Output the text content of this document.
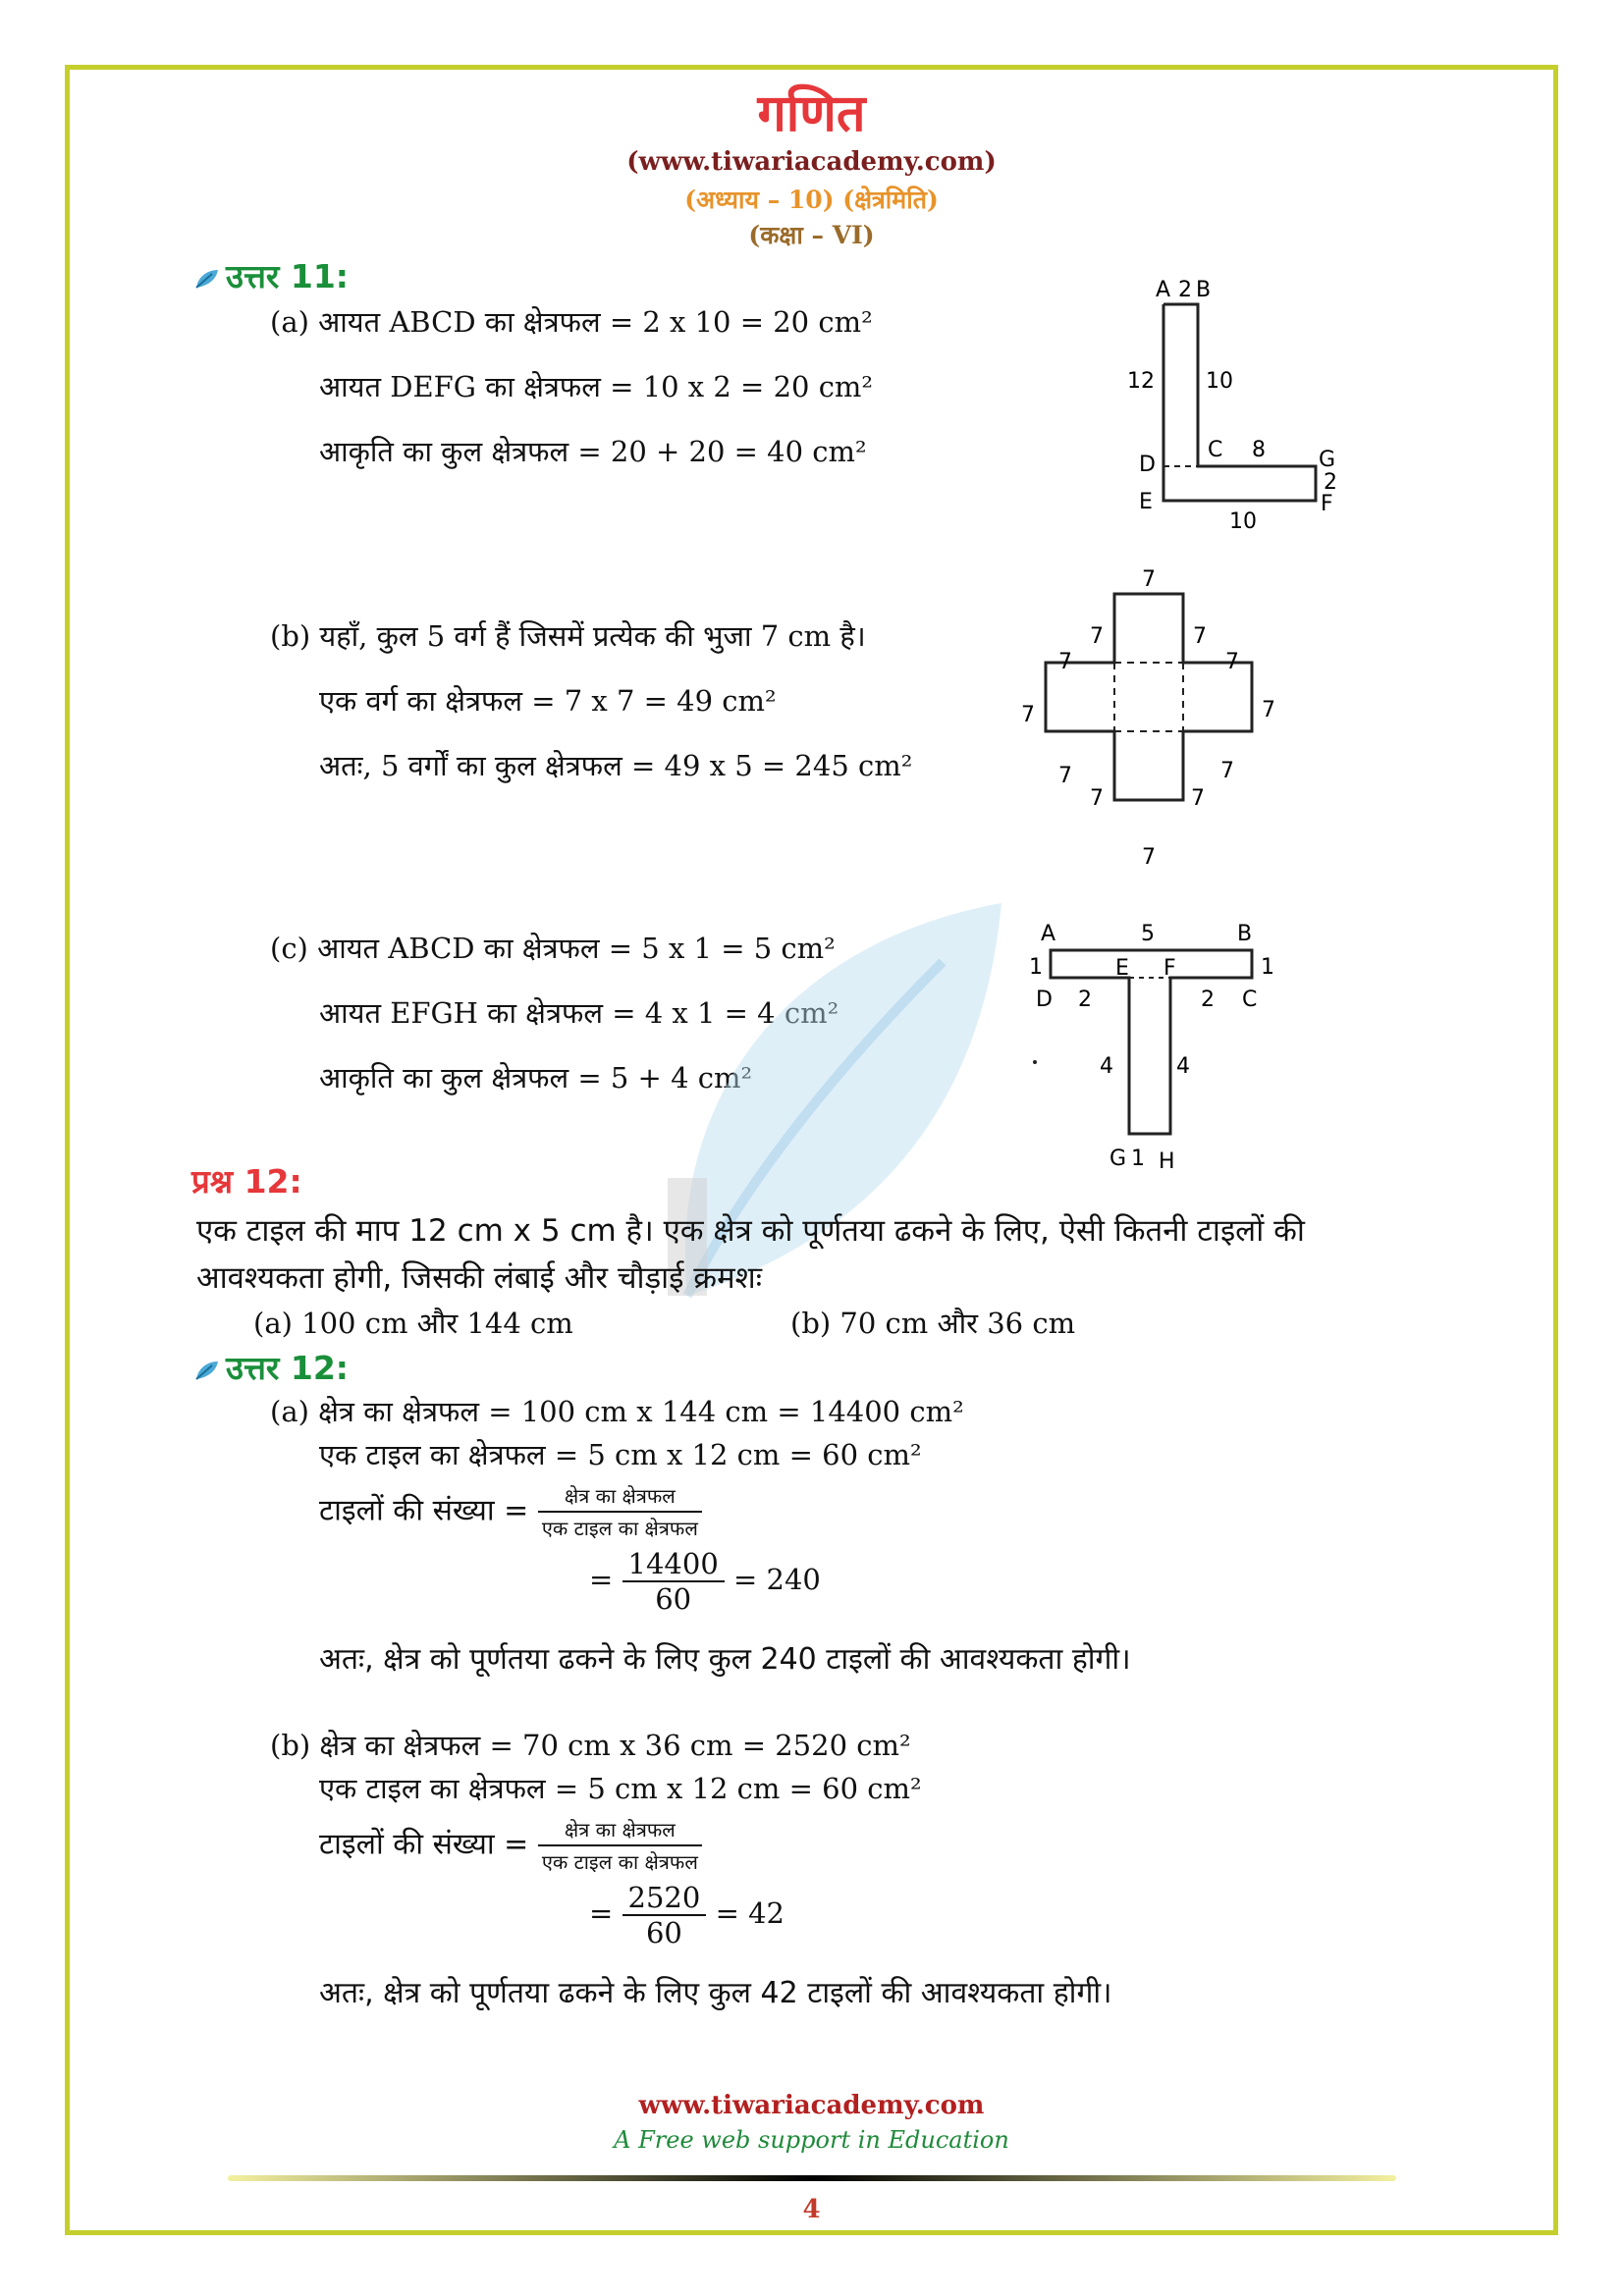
गणित
(www.tiwariacademy.com)
(अध्याय – 10) (क्षेत्रमिति)
(कक्षा – VI)
उत्तर 11:
(a) आयत ABCD का क्षेत्रफल = 2 x 10 = 20 cm²
आयत DEFG का क्षेत्रफल = 10 x 2 = 20 cm²
आकृति का कुल क्षेत्रफल = 20 + 20 = 40 cm²
A 2 B
12 10
C 8 G
D
2
E
10
F
(b) यहाँ, कुल 5 वर्ग हैं जिसमें प्रत्येक की भुजा 7 cm है।
एक वर्ग का क्षेत्रफल = 7 x 7 = 49 cm²
अतः, 5 वर्गों का कुल क्षेत्रफल = 49 x 5 = 245 cm²
7
7	7
7	7
7	7
7	7
7	7
7
(c) आयत ABCD का क्षेत्रफल = 5 x 1 = 5 cm²
आयत EFGH का क्षेत्रफल = 4 x 1 = 4 cm²
आकृति का कुल क्षेत्रफल = 5 + 4 cm²
A	5	B
1	E F	1
D 2	2 C
4	4
G 1 H
प्रश्न 12:
एक टाइल की माप 12 cm x 5 cm है। एक क्षेत्र को पूर्णतया ढकने के लिए, ऐसी कितनी टाइलों की
आवश्यकता होगी, जिसकी लंबाई और चौड़ाई क्रमशः
(a) 100 cm और 144 cm	(b) 70 cm और 36 cm
उत्तर 12:
(a) क्षेत्र का क्षेत्रफल = 100 cm x 144 cm = 14400 cm²
एक टाइल का क्षेत्रफल = 5 cm x 12 cm = 60 cm²
टाइलों की संख्या = $\frac{\text{क्षेत्र का क्षेत्रफल}}{\text{एक टाइल का क्षेत्रफल}}$
= $\frac{14400}{60} = 240$
अतः, क्षेत्र को पूर्णतया ढकने के लिए कुल 240 टाइलों की आवश्यकता होगी।
(b) क्षेत्र का क्षेत्रफल = 70 cm x 36 cm = 2520 cm²
एक टाइल का क्षेत्रफल = 5 cm x 12 cm = 60 cm²
टाइलों की संख्या = $\frac{\text{क्षेत्र का क्षेत्रफल}}{\text{एक टाइल का क्षेत्रफल}}$
= $\frac{2520}{60} = 42$
अतः, क्षेत्र को पूर्णतया ढकने के लिए कुल 42 टाइलों की आवश्यकता होगी।
www.tiwariacademy.com
A Free web support in Education
4
